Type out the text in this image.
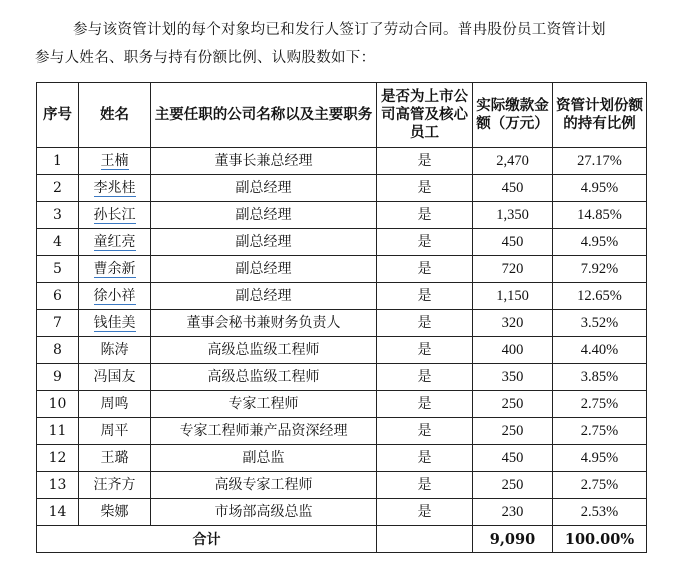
参与该资管计划的每个对象均已和发行人签订了劳动合同。普冉股份员工资管计划

参与人姓名、职务与持有份额比例、认购股数如下：

序号	姓名	主要任职的公司名称以及主要职务	是否为上市公司高管及核心员工	实际缴款金额（万元）	资管计划份额的持有比例
1	王楠	董事长兼总经理	是	2,470	27.17%
2	李兆桂	副总经理	是	450	4.95%
3	孙长江	副总经理	是	1,350	14.85%
4	童红亮	副总经理	是	450	4.95%
5	曹余新	副总经理	是	720	7.92%
6	徐小祥	副总经理	是	1,150	12.65%
7	钱佳美	董事会秘书兼财务负责人	是	320	3.52%
8	陈涛	高级总监级工程师	是	400	4.40%
9	冯国友	高级总监级工程师	是	350	3.85%
10	周鸣	专家工程师	是	250	2.75%
11	周平	专家工程师兼产品资深经理	是	250	2.75%
12	王璐	副总监	是	450	4.95%
13	汪齐方	高级专家工程师	是	250	2.75%
14	柴娜	市场部高级总监	是	230	2.53%
合计				9,090	100.00%
